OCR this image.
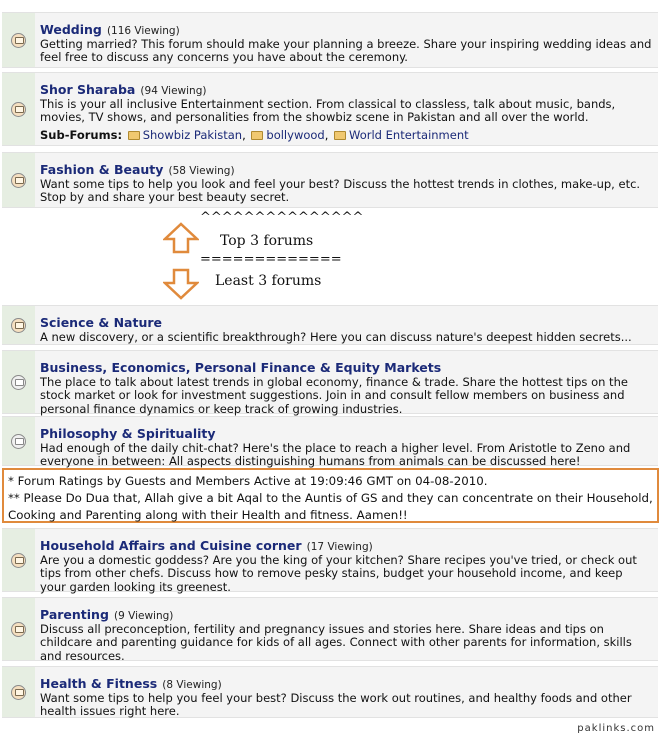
Wedding (116 Viewing)
Getting married? This forum should make your planning a breeze. Share your inspiring wedding ideas and feel free to discuss any concerns you have about the ceremony.
Shor Sharaba (94 Viewing)
This is your all inclusive Entertainment section. From classical to classless, talk about music, bands, movies, TV shows, and personalities from the showbiz scene in Pakistan and all over the world.
Sub-Forums: Showbiz Pakistan, bollywood, World Entertainment
Fashion & Beauty (58 Viewing)
Want some tips to help you look and feel your best? Discuss the hottest trends in clothes, make-up, etc. Stop by and share your best beauty secret.
^^^^^^^^^^^^^^^
Top 3 forums
=============
Least 3 forums
Science & Nature
A new discovery, or a scientific breakthrough? Here you can discuss nature's deepest hidden secrets...
Business, Economics, Personal Finance & Equity Markets
The place to talk about latest trends in global economy, finance & trade. Share the hottest tips on the stock market or look for investment suggestions. Join in and consult fellow members on business and personal finance dynamics or keep track of growing industries.
Philosophy & Spirituality
Had enough of the daily chit-chat? Here's the place to reach a higher level. From Aristotle to Zeno and everyone in between: All aspects distinguishing humans from animals can be discussed here!
* Forum Ratings by Guests and Members Active at 19:09:46 GMT on 04-08-2010.
** Please Do Dua that, Allah give a bit Aqal to the Auntis of GS and they can concentrate on their Household, Cooking and Parenting along with their Health and fitness. Aamen!!
Household Affairs and Cuisine corner (17 Viewing)
Are you a domestic goddess? Are you the king of your kitchen? Share recipes you've tried, or check out tips from other chefs. Discuss how to remove pesky stains, budget your household income, and keep your garden looking its greenest.
Parenting (9 Viewing)
Discuss all preconception, fertility and pregnancy issues and stories here. Share ideas and tips on childcare and parenting guidance for kids of all ages. Connect with other parents for information, skills and resources.
Health & Fitness (8 Viewing)
Want some tips to help you feel your best? Discuss the work out routines, and healthy foods and other health issues right here.
paklinks.com
